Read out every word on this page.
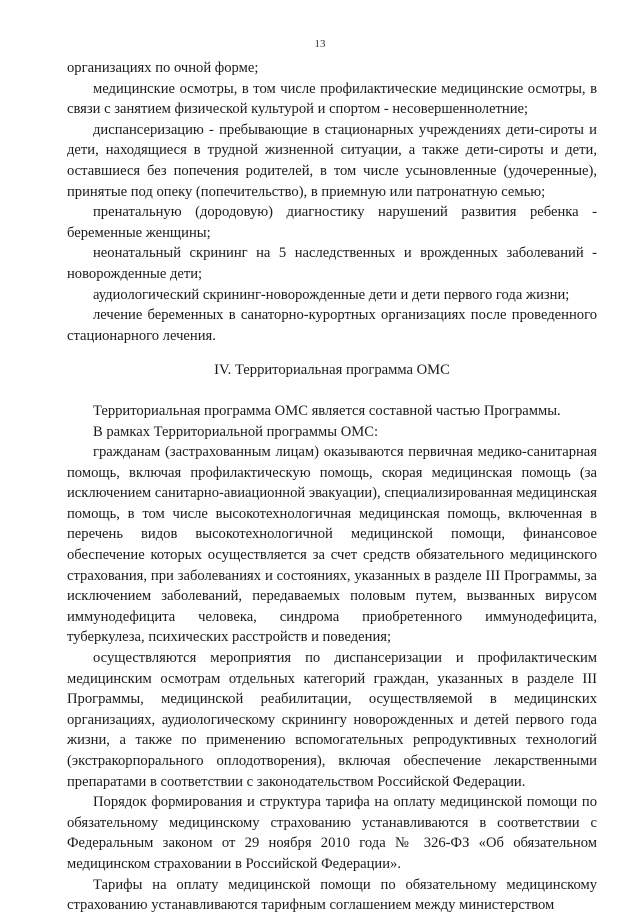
13

организациях по очной форме;

медицинские осмотры, в том числе профилактические медицинские осмотры, в связи с занятием физической культурой и спортом - несовершеннолетние;

диспансеризацию - пребывающие в стационарных учреждениях дети-сироты и дети, находящиеся в трудной жизненной ситуации, а также дети-сироты и дети, оставшиеся без попечения родителей, в том числе усыновленные (удочеренные), принятые под опеку (попечительство), в приемную или патронатную семью;

пренатальную (дородовую) диагностику нарушений развития ребенка - беременные женщины;

неонатальный скрининг на 5 наследственных и врожденных заболеваний - новорожденные дети;

аудиологический скрининг-новорожденные дети и дети первого года жизни;

лечение беременных в санаторно-курортных организациях после проведенного стационарного лечения.

IV. Территориальная программа ОМС

Территориальная программа ОМС является составной частью Программы.

В рамках Территориальной программы ОМС:

гражданам (застрахованным лицам) оказываются первичная медико-санитарная помощь, включая профилактическую помощь, скорая медицинская помощь (за исключением санитарно-авиационной эвакуации), специализированная медицинская помощь, в том числе высокотехнологичная медицинская помощь, включенная в перечень видов высокотехнологичной медицинской помощи, финансовое обеспечение которых осуществляется за счет средств обязательного медицинского страхования, при заболеваниях и состояниях, указанных в разделе III Программы, за исключением заболеваний, передаваемых половым путем, вызванных вирусом иммунодефицита человека, синдрома приобретенного иммунодефицита, туберкулеза, психических расстройств и поведения;

осуществляются мероприятия по диспансеризации и профилактическим медицинским осмотрам отдельных категорий граждан, указанных в разделе III Программы, медицинской реабилитации, осуществляемой в медицинских организациях, аудиологическому скринингу новорожденных и детей первого года жизни, а также по применению вспомогательных репродуктивных технологий (экстракорпорального оплодотворения), включая обеспечение лекарственными препаратами в соответствии с законодательством Российской Федерации.

Порядок формирования и структура тарифа на оплату медицинской помощи по обязательному медицинскому страхованию устанавливаются в соответствии с Федеральным законом от 29 ноября 2010 года № 326-ФЗ «Об обязательном медицинском страховании в Российской Федерации».

Тарифы на оплату медицинской помощи по обязательному медицинскому страхованию устанавливаются тарифным соглашением между министерством
